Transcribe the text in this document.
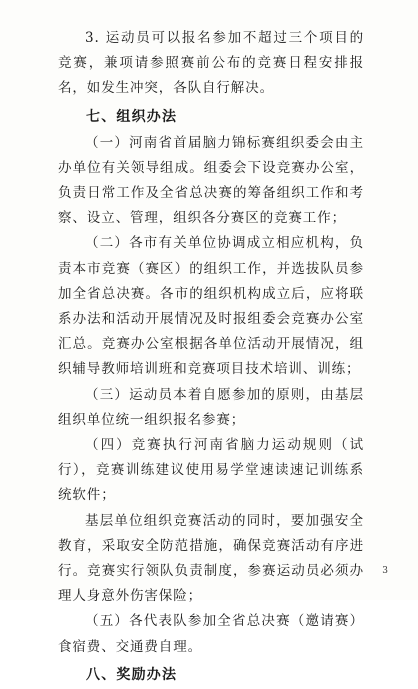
3. 运动员可以报名参加不超过三个项目的竞赛，兼项请参照赛前公布的竞赛日程安排报名，如发生冲突，各队自行解决。

七、组织办法

（一）河南省首届脑力锦标赛组织委会由主办单位有关领导组成。组委会下设竞赛办公室，负责日常工作及全省总决赛的筹备组织工作和考察、设立、管理，组织各分赛区的竞赛工作；

（二）各市有关单位协调成立相应机构，负责本市竞赛（赛区）的组织工作，并选拔队员参加全省总决赛。各市的组织机构成立后，应将联系办法和活动开展情况及时报组委会竞赛办公室汇总。竞赛办公室根据各单位活动开展情况，组织辅导教师培训班和竞赛项目技术培训、训练；

（三）运动员本着自愿参加的原则，由基层组织单位统一组织报名参赛；

（四）竞赛执行河南省脑力运动规则（试行），竞赛训练建议使用易学堂速读速记训练系统软件；

基层单位组织竞赛活动的同时，要加强安全教育，采取安全防范措施，确保竞赛活动有序进行。竞赛实行领队负责制度，参赛运动员必须办理人身意外伤害保险；

（五）各代表队参加全省总决赛（邀请赛）食宿费、交通费自理。

八、奖励办法

3
